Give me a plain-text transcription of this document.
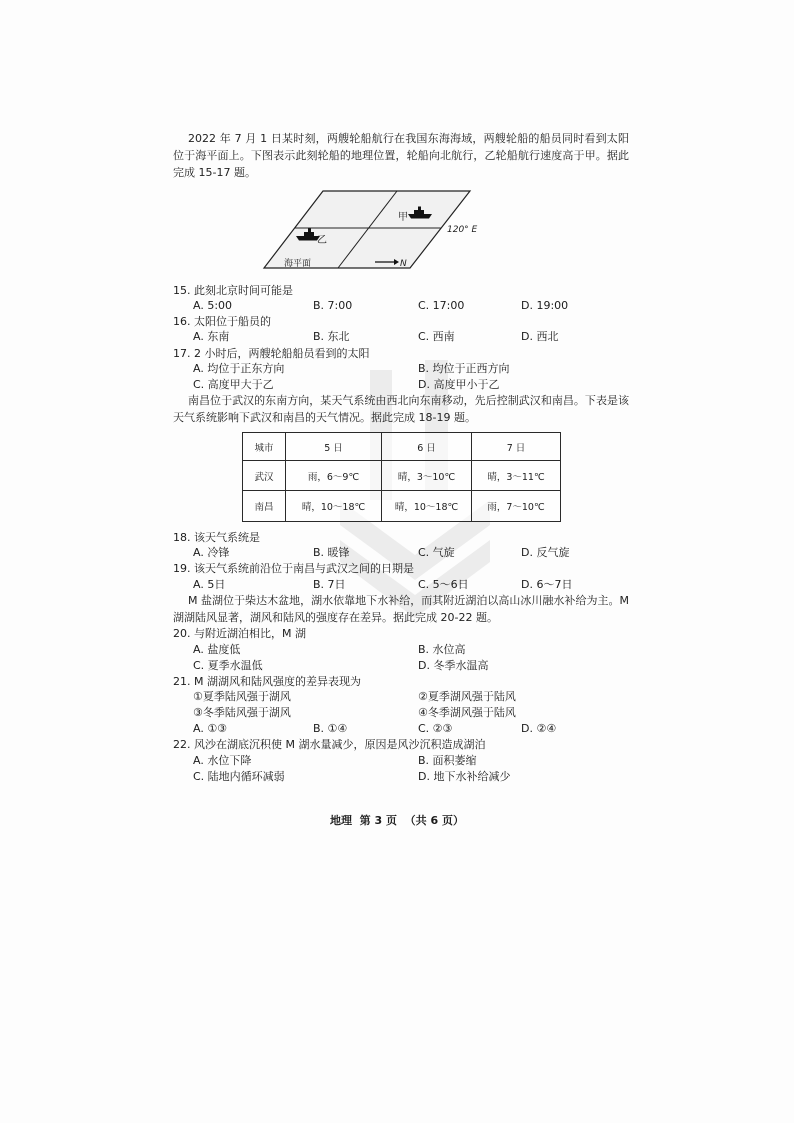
2022 年 7 月 1 日某时刻，两艘轮船航行在我国东海海域，两艘轮船的船员同时看到太阳位于海平面上。下图表示此刻轮船的地理位置，轮船向北航行，乙轮船航行速度高于甲。据此完成 15-17 题。
甲
乙
120° E
海平面	N
15. 此刻北京时间可能是
A. 5:00	B. 7:00	C. 17:00	D. 19:00
16. 太阳位于船员的
A. 东南	B. 东北	C. 西南	D. 西北
17. 2 小时后，两艘轮船船员看到的太阳
A. 均位于正东方向	B. 均位于正西方向
C. 高度甲大于乙	D. 高度甲小于乙
南昌位于武汉的东南方向，某天气系统由西北向东南移动，先后控制武汉和南昌。下表是该天气系统影响下武汉和南昌的天气情况。据此完成 18-19 题。
城市	5 日	6 日	7 日
武汉	雨，6～9℃	晴，3～10℃	晴，3～11℃
南昌	晴，10～18℃	晴，10～18℃	雨，7～10℃
18. 该天气系统是
A. 冷锋	B. 暖锋	C. 气旋	D. 反气旋
19. 该天气系统前沿位于南昌与武汉之间的日期是
A. 5日	B. 7日	C. 5～6日	D. 6～7日
M 盐湖位于柴达木盆地，湖水依靠地下水补给，而其附近湖泊以高山冰川融水补给为主。M 湖湖陆风显著，湖风和陆风的强度存在差异。据此完成 20-22 题。
20. 与附近湖泊相比，M 湖
A. 盐度低	B. 水位高
C. 夏季水温低	D. 冬季水温高
21. M 湖湖风和陆风强度的差异表现为
①夏季陆风强于湖风	②夏季湖风强于陆风
③冬季陆风强于湖风	④冬季湖风强于陆风
A. ①③	B. ①④	C. ②③	D. ②④
22. 风沙在湖底沉积使 M 湖水量减少，原因是风沙沉积造成湖泊
A. 水位下降	B. 面积萎缩
C. 陆地内循环减弱	D. 地下水补给减少
地理  第 3 页  （共 6 页）
